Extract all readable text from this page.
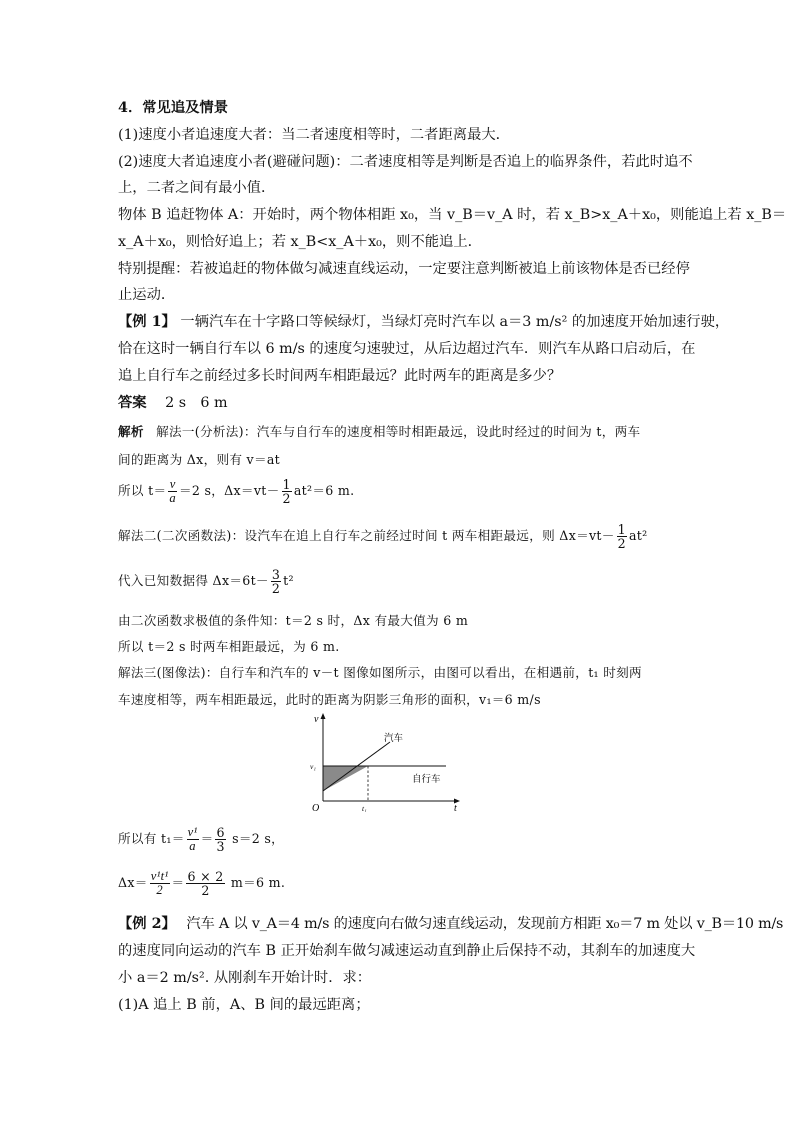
4．常见追及情景
(1)速度小者追速度大者：当二者速度相等时，二者距离最大．
(2)速度大者追速度小者(避碰问题)：二者速度相等是判断是否追上的临界条件，若此时追不
上，二者之间有最小值．
物体 B 追赶物体 A：开始时，两个物体相距 x₀，当 v_B＝v_A 时，若 x_B>x_A＋x₀，则能追上若 x_B＝
x_A＋x₀，则恰好追上；若 x_B<x_A＋x₀，则不能追上．
特别提醒：若被追赶的物体做匀减速直线运动，一定要注意判断被追上前该物体是否已经停
止运动．
【例 1】 一辆汽车在十字路口等候绿灯，当绿灯亮时汽车以 a＝3 m/s² 的加速度开始加速行驶，
恰在这时一辆自行车以 6 m/s 的速度匀速驶过，从后边超过汽车．则汽车从路口启动后，在
追上自行车之前经过多长时间两车相距最远？此时两车的距离是多少？
答案 2 s　6 m
解析 解法一(分析法)：汽车与自行车的速度相等时相距最远，设此时经过的时间为 t，两车
间的距离为 Δx，则有 v＝at
所以 $t= \frac{v}{a} =2$ s，$\Delta x=vt- \frac{1}{2} at^2=6$ m.
解法二(二次函数法)：设汽车在追上自行车之前经过时间 t 两车相距最远，则 $\Delta x=vt- \frac{1}{2} at^2$
代入已知数据得 $\Delta x=6t- \frac{3}{2} t^2$
由二次函数求极值的条件知：t＝2 s 时，Δx 有最大值为 6 m
所以 t＝2 s 时两车相距最远，为 6 m.
解法三(图像法)：自行车和汽车的 v－t 图像如图所示，由图可以看出，在相遇前，t₁ 时刻两
车速度相等，两车相距最远，此时的距离为阴影三角形的面积，v₁＝6 m/s
v
t
O
v₁
t₁
汽车
自行车
所以有 $t_1= \frac{\text{v¹}}{a} = \frac{6}{3} s=2$ s，
$\Delta x= \frac{\text{v¹t¹}}{2} = \frac{6 \times 2}{2} m=6$ m.
【例 2】 汽车 A 以 v_A＝4 m/s 的速度向右做匀速直线运动，发现前方相距 x₀＝7 m 处以 v_B＝10 m/s
的速度同向运动的汽车 B 正开始刹车做匀减速运动直到静止后保持不动，其刹车的加速度大
小 a＝2 m/s². 从刚刹车开始计时．求：
(1)A 追上 B 前，A、B 间的最远距离；
